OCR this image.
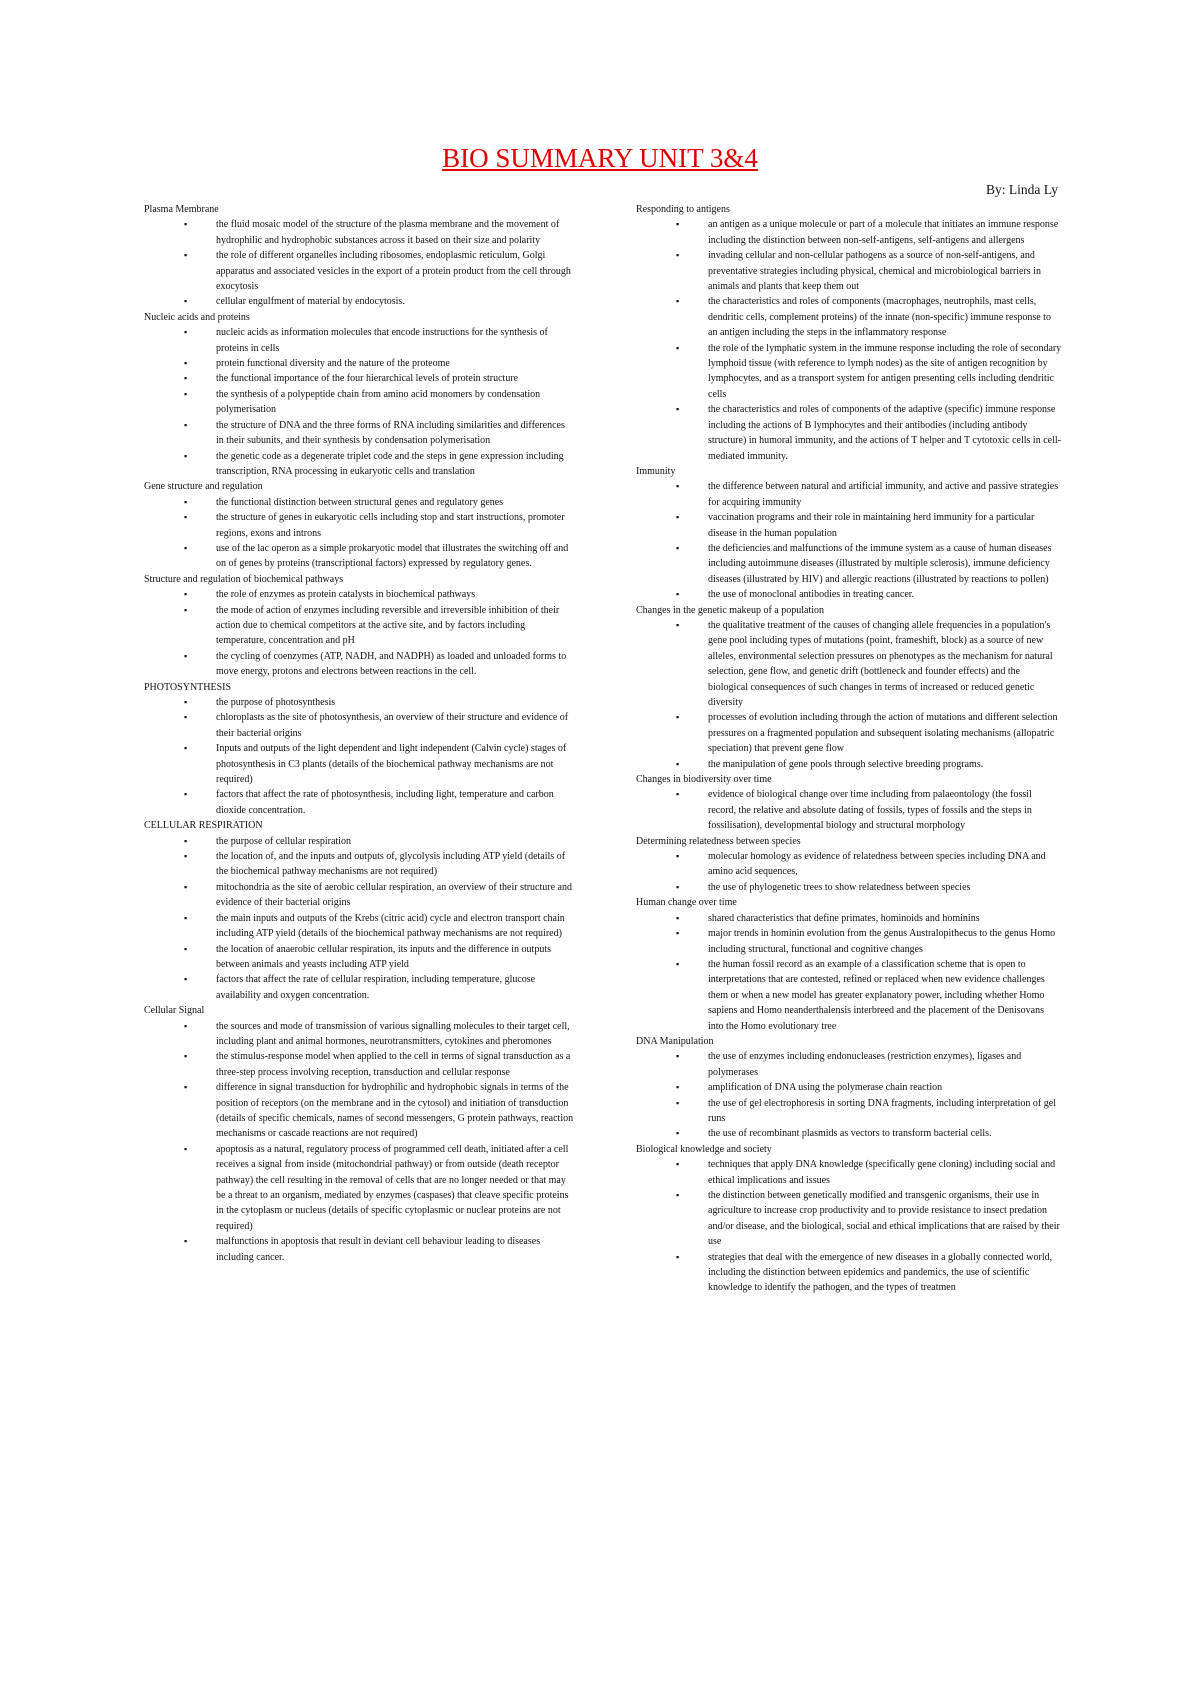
BIO SUMMARY UNIT 3&4
By: Linda Ly
Plasma Membrane
▪	the fluid mosaic model of the structure of the plasma membrane and the movement of hydrophilic and hydrophobic substances across it based on their size and polarity
▪	the role of different organelles including ribosomes, endoplasmic reticulum, Golgi apparatus and associated vesicles in the export of a protein product from the cell through exocytosis
▪	cellular engulfment of material by endocytosis.
Nucleic acids and proteins
▪	nucleic acids as information molecules that encode instructions for the synthesis of proteins in cells
▪	protein functional diversity and the nature of the proteome
▪	the functional importance of the four hierarchical levels of protein structure
▪	the synthesis of a polypeptide chain from amino acid monomers by condensation polymerisation
▪	the structure of DNA and the three forms of RNA including similarities and differences in their subunits, and their synthesis by condensation polymerisation
▪	the genetic code as a degenerate triplet code and the steps in gene expression including transcription, RNA processing in eukaryotic cells and translation
Gene structure and regulation
▪	the functional distinction between structural genes and regulatory genes
▪	the structure of genes in eukaryotic cells including stop and start instructions, promoter regions, exons and introns
▪	use of the lac operon as a simple prokaryotic model that illustrates the switching off and on of genes by proteins (transcriptional factors) expressed by regulatory genes.
Structure and regulation of biochemical pathways
▪	the role of enzymes as protein catalysts in biochemical pathways
▪	the mode of action of enzymes including reversible and irreversible inhibition of their action due to chemical competitors at the active site, and by factors including temperature, concentration and pH
▪	the cycling of coenzymes (ATP, NADH, and NADPH) as loaded and unloaded forms to move energy, protons and electrons between reactions in the cell.
PHOTOSYNTHESIS
▪	the purpose of photosynthesis
▪	chloroplasts as the site of photosynthesis, an overview of their structure and evidence of their bacterial origins
▪	Inputs and outputs of the light dependent and light independent (Calvin cycle) stages of photosynthesis in C3 plants (details of the biochemical pathway mechanisms are not required)
▪	factors that affect the rate of photosynthesis, including light, temperature and carbon dioxide concentration.
CELLULAR RESPIRATION
▪	the purpose of cellular respiration
▪	the location of, and the inputs and outputs of, glycolysis including ATP yield (details of the biochemical pathway mechanisms are not required)
▪	mitochondria as the site of aerobic cellular respiration, an overview of their structure and evidence of their bacterial origins
▪	the main inputs and outputs of the Krebs (citric acid) cycle and electron transport chain including ATP yield (details of the biochemical pathway mechanisms are not required)
▪	the location of anaerobic cellular respiration, its inputs and the difference in outputs between animals and yeasts including ATP yield
▪	factors that affect the rate of cellular respiration, including temperature, glucose availability and oxygen concentration.
Cellular Signal
▪	the sources and mode of transmission of various signalling molecules to their target cell, including plant and animal hormones, neurotransmitters, cytokines and pheromones
▪	the stimulus-response model when applied to the cell in terms of signal transduction as a three-step process involving reception, transduction and cellular response
▪	difference in signal transduction for hydrophilic and hydrophobic signals in terms of the position of receptors (on the membrane and in the cytosol) and initiation of transduction (details of specific chemicals, names of second messengers, G protein pathways, reaction mechanisms or cascade reactions are not required)
▪	apoptosis as a natural, regulatory process of programmed cell death, initiated after a cell receives a signal from inside (mitochondrial pathway) or from outside (death receptor pathway) the cell resulting in the removal of cells that are no longer needed or that may be a threat to an organism, mediated by enzymes (caspases) that cleave specific proteins in the cytoplasm or nucleus (details of specific cytoplasmic or nuclear proteins are not required)
▪	malfunctions in apoptosis that result in deviant cell behaviour leading to diseases including cancer.
Responding to antigens
▪	an antigen as a unique molecule or part of a molecule that initiates an immune response including the distinction between non-self-antigens, self-antigens and allergens
▪	invading cellular and non-cellular pathogens as a source of non-self-antigens, and preventative strategies including physical, chemical and microbiological barriers in animals and plants that keep them out
▪	the characteristics and roles of components (macrophages, neutrophils, mast cells, dendritic cells, complement proteins) of the innate (non-specific) immune response to an antigen including the steps in the inflammatory response
▪	the role of the lymphatic system in the immune response including the role of secondary lymphoid tissue (with reference to lymph nodes) as the site of antigen recognition by lymphocytes, and as a transport system for antigen presenting cells including dendritic cells
▪	the characteristics and roles of components of the adaptive (specific) immune response including the actions of B lymphocytes and their antibodies (including antibody structure) in humoral immunity, and the actions of T helper and T cytotoxic cells in cell-mediated immunity.
Immunity
▪	the difference between natural and artificial immunity, and active and passive strategies for acquiring immunity
▪	vaccination programs and their role in maintaining herd immunity for a particular disease in the human population
▪	the deficiencies and malfunctions of the immune system as a cause of human diseases including autoimmune diseases (illustrated by multiple sclerosis), immune deficiency diseases (illustrated by HIV) and allergic reactions (illustrated by reactions to pollen)
▪	the use of monoclonal antibodies in treating cancer.
Changes in the genetic makeup of a population
▪	the qualitative treatment of the causes of changing allele frequencies in a population's gene pool including types of mutations (point, frameshift, block) as a source of new alleles, environmental selection pressures on phenotypes as the mechanism for natural selection, gene flow, and genetic drift (bottleneck and founder effects) and the biological consequences of such changes in terms of increased or reduced genetic diversity
▪	processes of evolution including through the action of mutations and different selection pressures on a fragmented population and subsequent isolating mechanisms (allopatric speciation) that prevent gene flow
▪	the manipulation of gene pools through selective breeding programs.
Changes in biodiversity over time
▪	evidence of biological change over time including from palaeontology (the fossil record, the relative and absolute dating of fossils, types of fossils and the steps in fossilisation), developmental biology and structural morphology
Determining relatedness between species
▪	molecular homology as evidence of relatedness between species including DNA and amino acid sequences,
▪	the use of phylogenetic trees to show relatedness between species
Human change over time
▪	shared characteristics that define primates, hominoids and hominins
▪	major trends in hominin evolution from the genus Australopithecus to the genus Homo including structural, functional and cognitive changes
▪	the human fossil record as an example of a classification scheme that is open to interpretations that are contested, refined or replaced when new evidence challenges them or when a new model has greater explanatory power, including whether Homo sapiens and Homo neanderthalensis interbreed and the placement of the Denisovans into the Homo evolutionary tree
DNA Manipulation
▪	the use of enzymes including endonucleases (restriction enzymes), ligases and polymerases
▪	amplification of DNA using the polymerase chain reaction
▪	the use of gel electrophoresis in sorting DNA fragments, including interpretation of gel runs
▪	the use of recombinant plasmids as vectors to transform bacterial cells.
Biological knowledge and society
▪	techniques that apply DNA knowledge (specifically gene cloning) including social and ethical implications and issues
▪	the distinction between genetically modified and transgenic organisms, their use in agriculture to increase crop productivity and to provide resistance to insect predation and/or disease, and the biological, social and ethical implications that are raised by their use
▪	strategies that deal with the emergence of new diseases in a globally connected world, including the distinction between epidemics and pandemics, the use of scientific knowledge to identify the pathogen, and the types of treatmen
